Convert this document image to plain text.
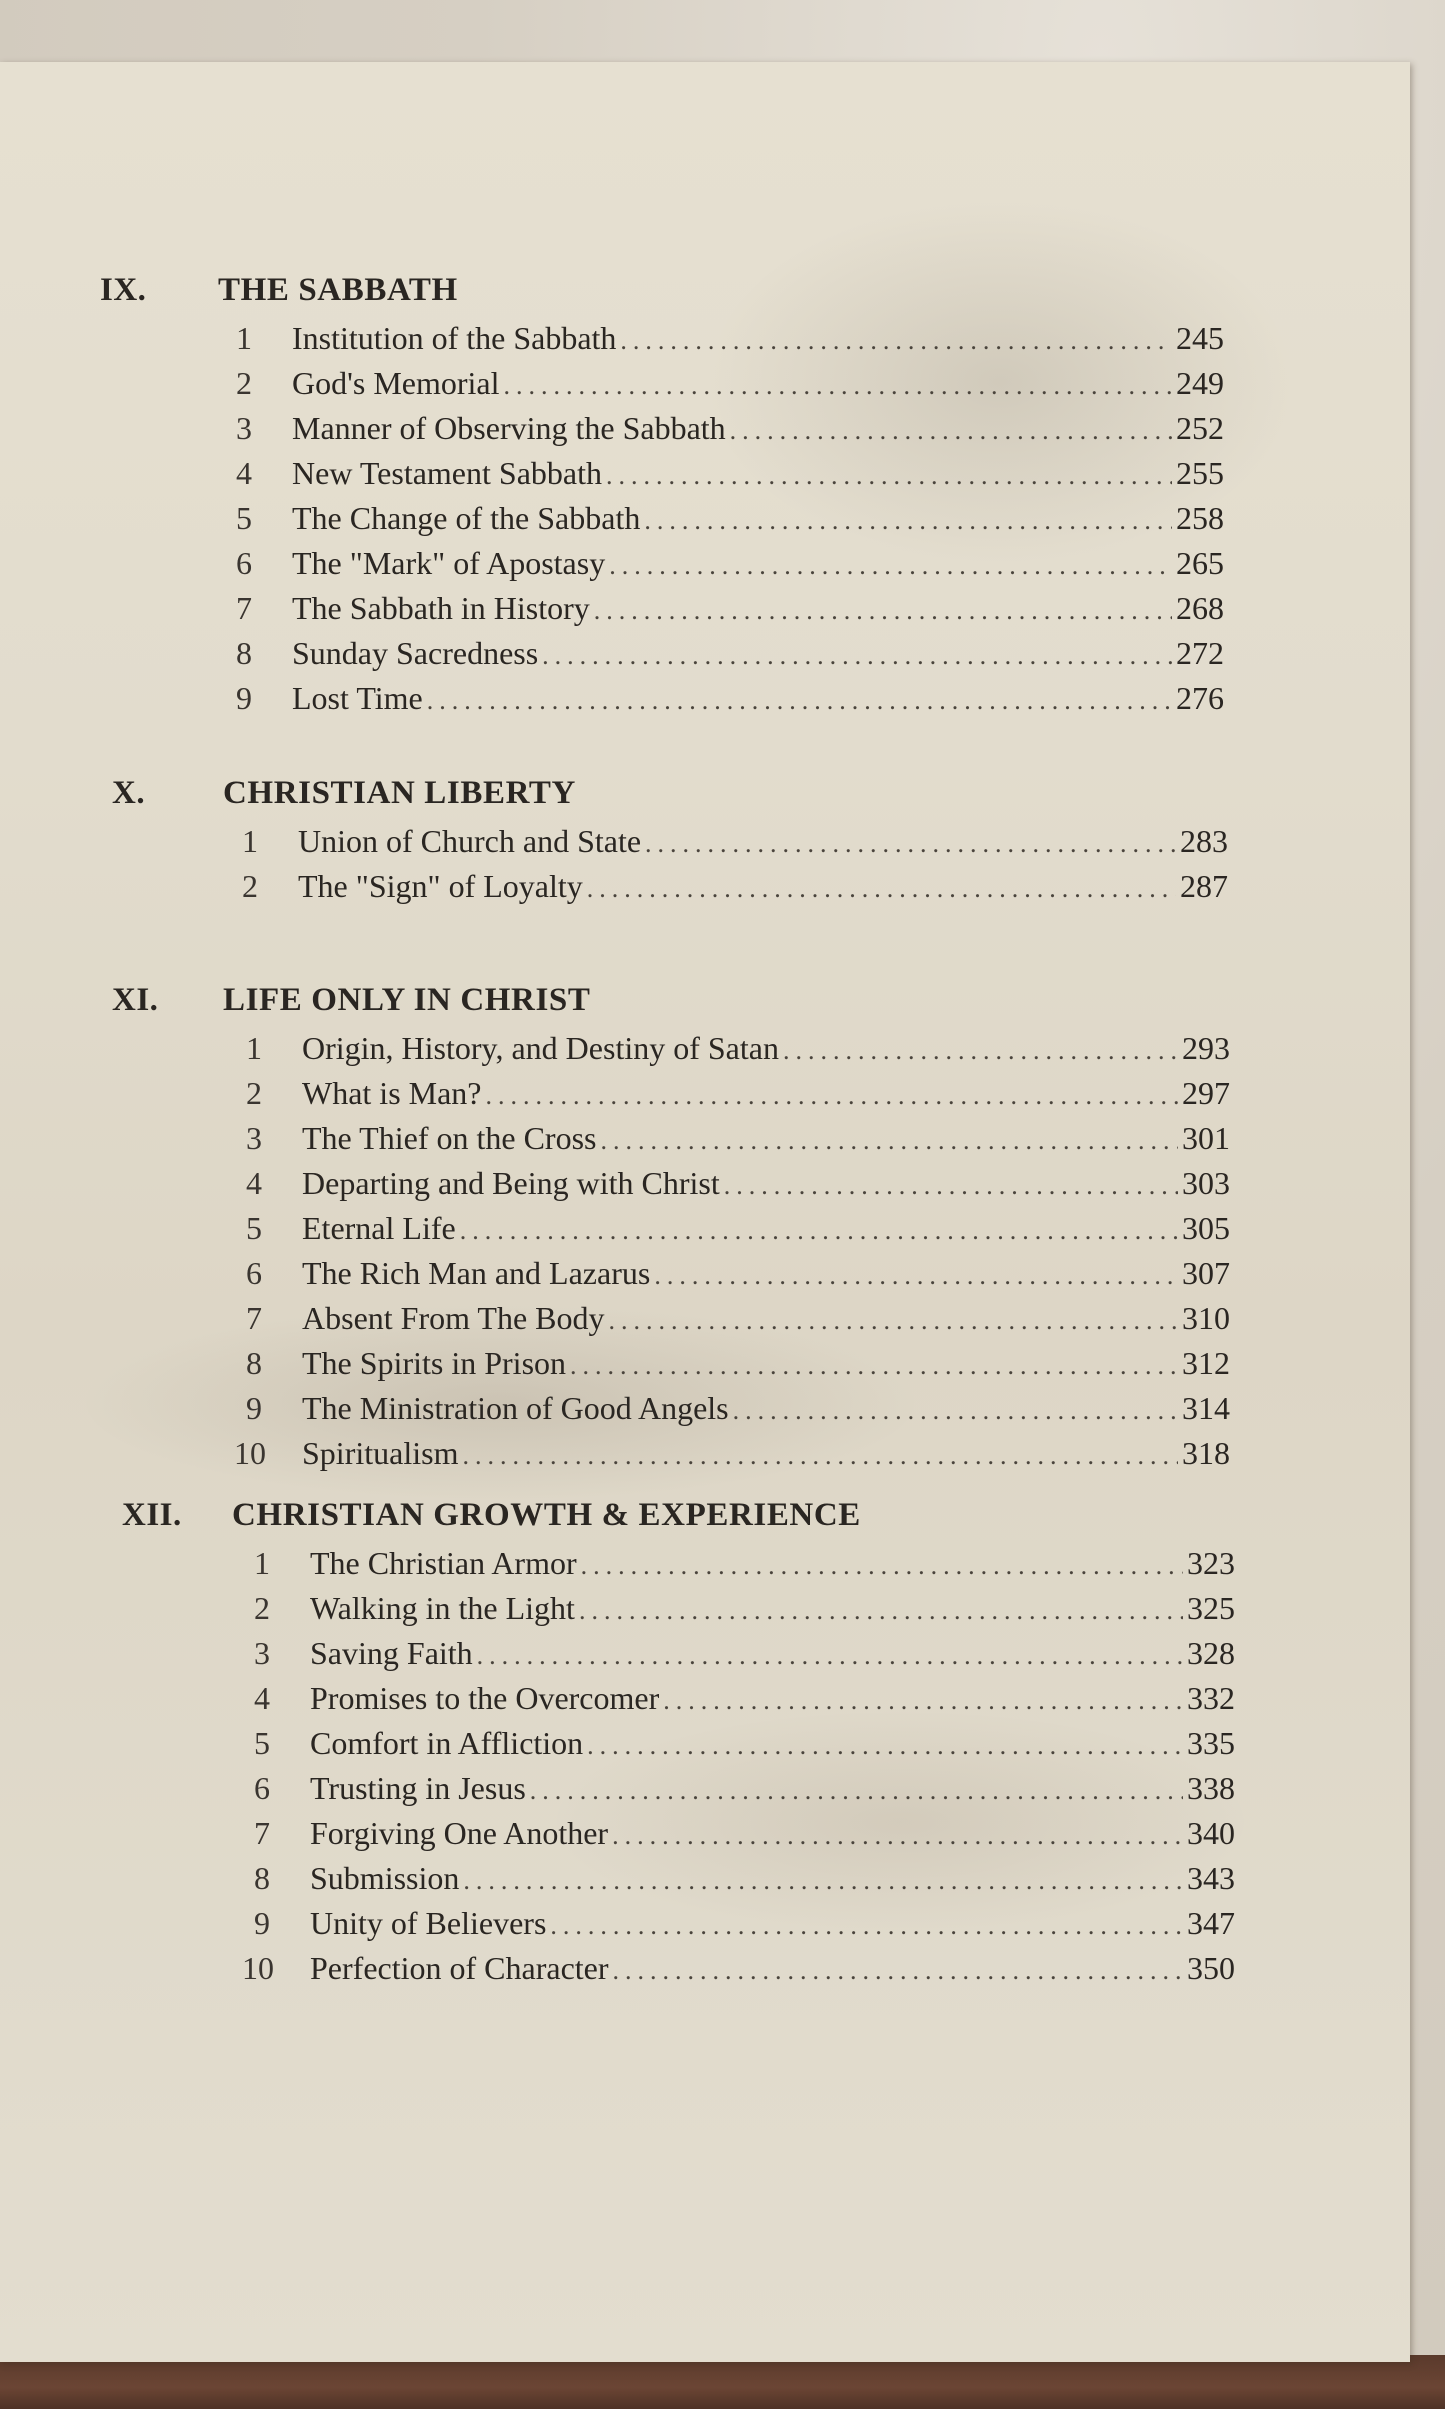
IX. THE SABBATH
1 Institution of the Sabbath .....	245
2 God's Memorial .....	249
3 Manner of Observing the Sabbath .....	252
4 New Testament Sabbath .....	255
5 The Change of the Sabbath .....	258
6 The "Mark" of Apostasy .....	265
7 The Sabbath in History .....	268
8 Sunday Sacredness .....	272
9 Lost Time .....	276
X. CHRISTIAN LIBERTY
1 Union of Church and State .....	283
2 The "Sign" of Loyalty .....	287
XI. LIFE ONLY IN CHRIST
1 Origin, History, and Destiny of Satan .....	293
2 What is Man? .....	297
3 The Thief on the Cross .....	301
4 Departing and Being with Christ .....	303
5 Eternal Life .....	305
6 The Rich Man and Lazarus .....	307
7 Absent From The Body .....	310
8 The Spirits in Prison .....	312
9 The Ministration of Good Angels .....	314
10 Spiritualism .....	318
XII. CHRISTIAN GROWTH & EXPERIENCE
1 The Christian Armor .....	323
2 Walking in the Light .....	325
3 Saving Faith .....	328
4 Promises to the Overcomer .....	332
5 Comfort in Affliction .....	335
6 Trusting in Jesus .....	338
7 Forgiving One Another .....	340
8 Submission .....	343
9 Unity of Believers .....	347
10 Perfection of Character .....	350
